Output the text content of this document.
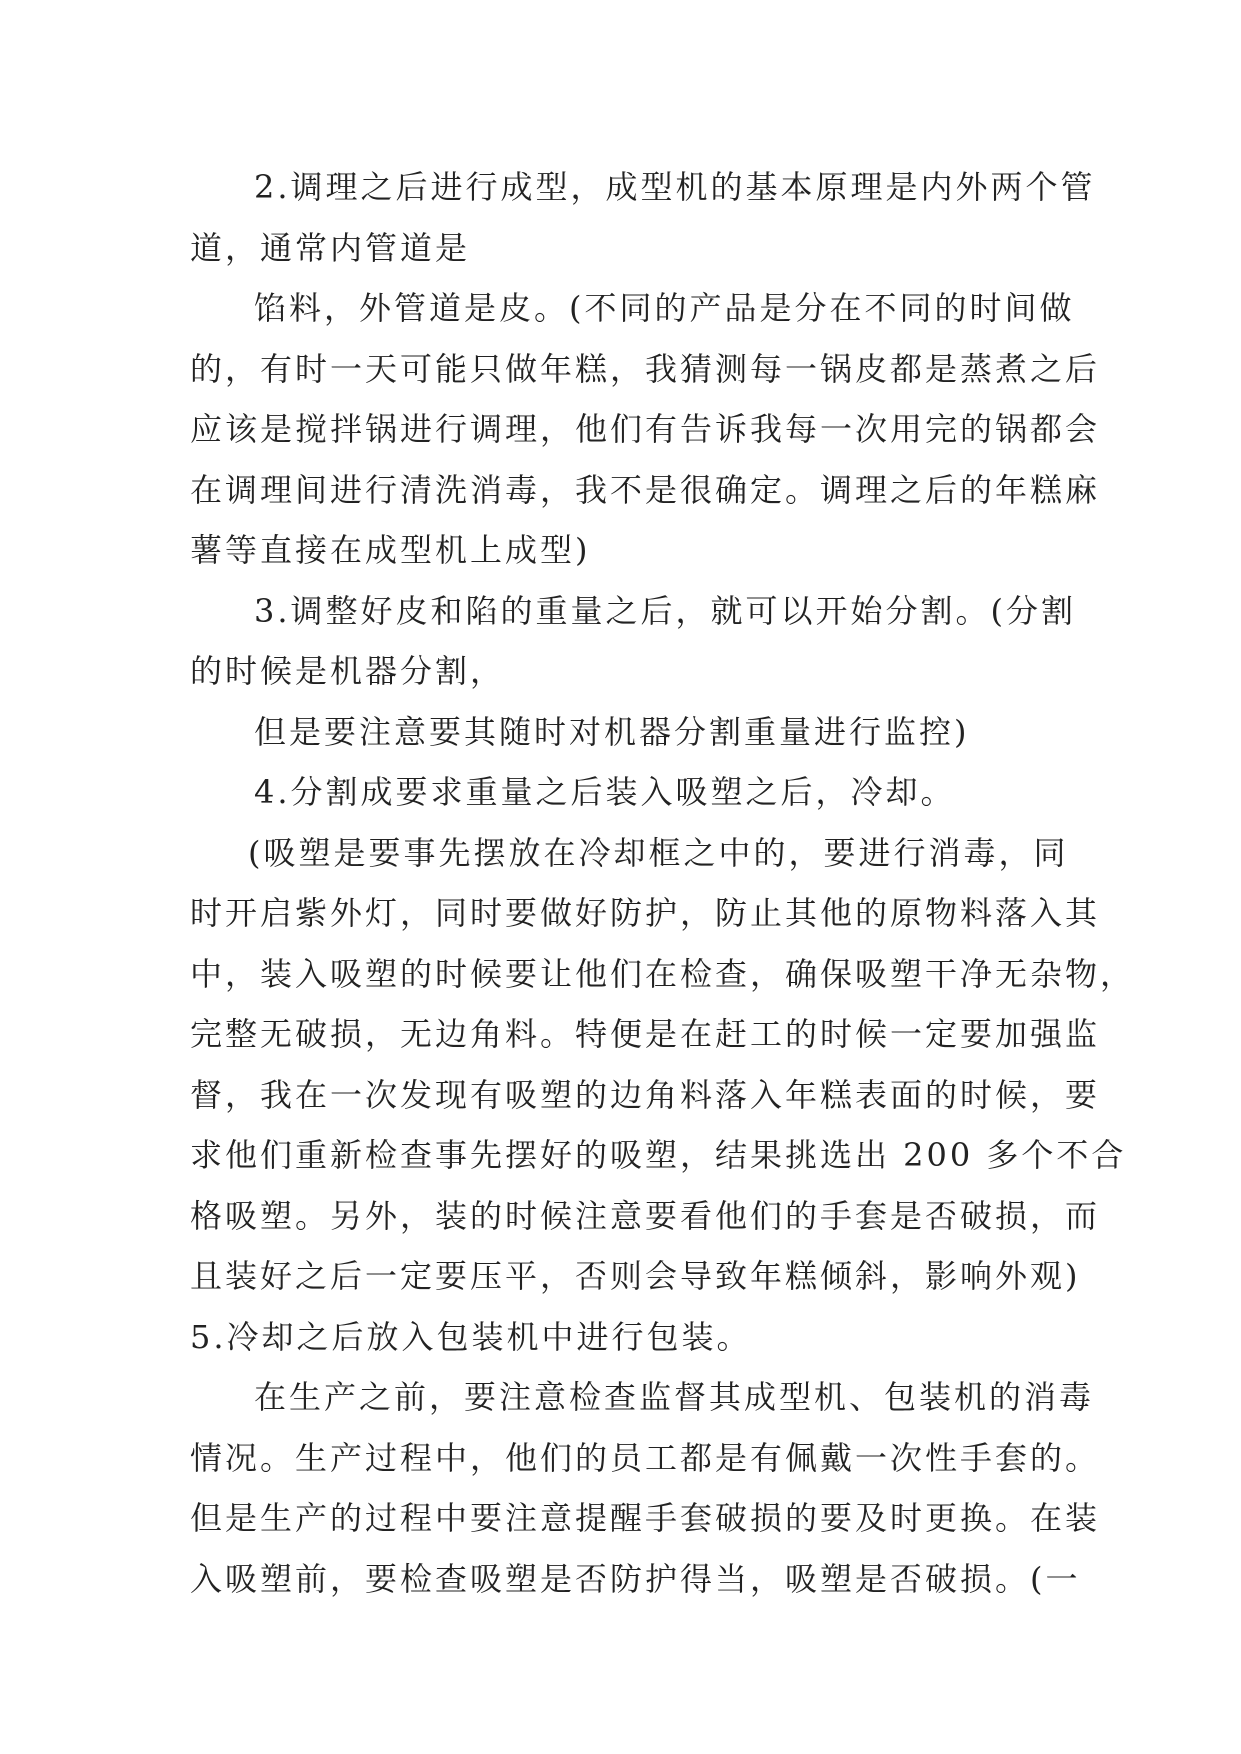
2.调理之后进行成型，成型机的基本原理是内外两个管
道，通常内管道是
馅料，外管道是皮。(不同的产品是分在不同的时间做
的，有时一天可能只做年糕，我猜测每一锅皮都是蒸煮之后
应该是搅拌锅进行调理，他们有告诉我每一次用完的锅都会
在调理间进行清洗消毒，我不是很确定。调理之后的年糕麻
薯等直接在成型机上成型)
3.调整好皮和陷的重量之后，就可以开始分割。(分割
的时候是机器分割，
但是要注意要其随时对机器分割重量进行监控)
4.分割成要求重量之后装入吸塑之后，冷却。
(吸塑是要事先摆放在冷却框之中的，要进行消毒，同
时开启紫外灯，同时要做好防护，防止其他的原物料落入其
中，装入吸塑的时候要让他们在检查，确保吸塑干净无杂物，
完整无破损，无边角料。特便是在赶工的时候一定要加强监
督，我在一次发现有吸塑的边角料落入年糕表面的时候，要
求他们重新检查事先摆好的吸塑，结果挑选出 200 多个不合
格吸塑。另外，装的时候注意要看他们的手套是否破损，而
且装好之后一定要压平，否则会导致年糕倾斜，影响外观)
5.冷却之后放入包装机中进行包装。
在生产之前，要注意检查监督其成型机、包装机的消毒
情况。生产过程中，他们的员工都是有佩戴一次性手套的。
但是生产的过程中要注意提醒手套破损的要及时更换。在装
入吸塑前，要检查吸塑是否防护得当，吸塑是否破损。(一
